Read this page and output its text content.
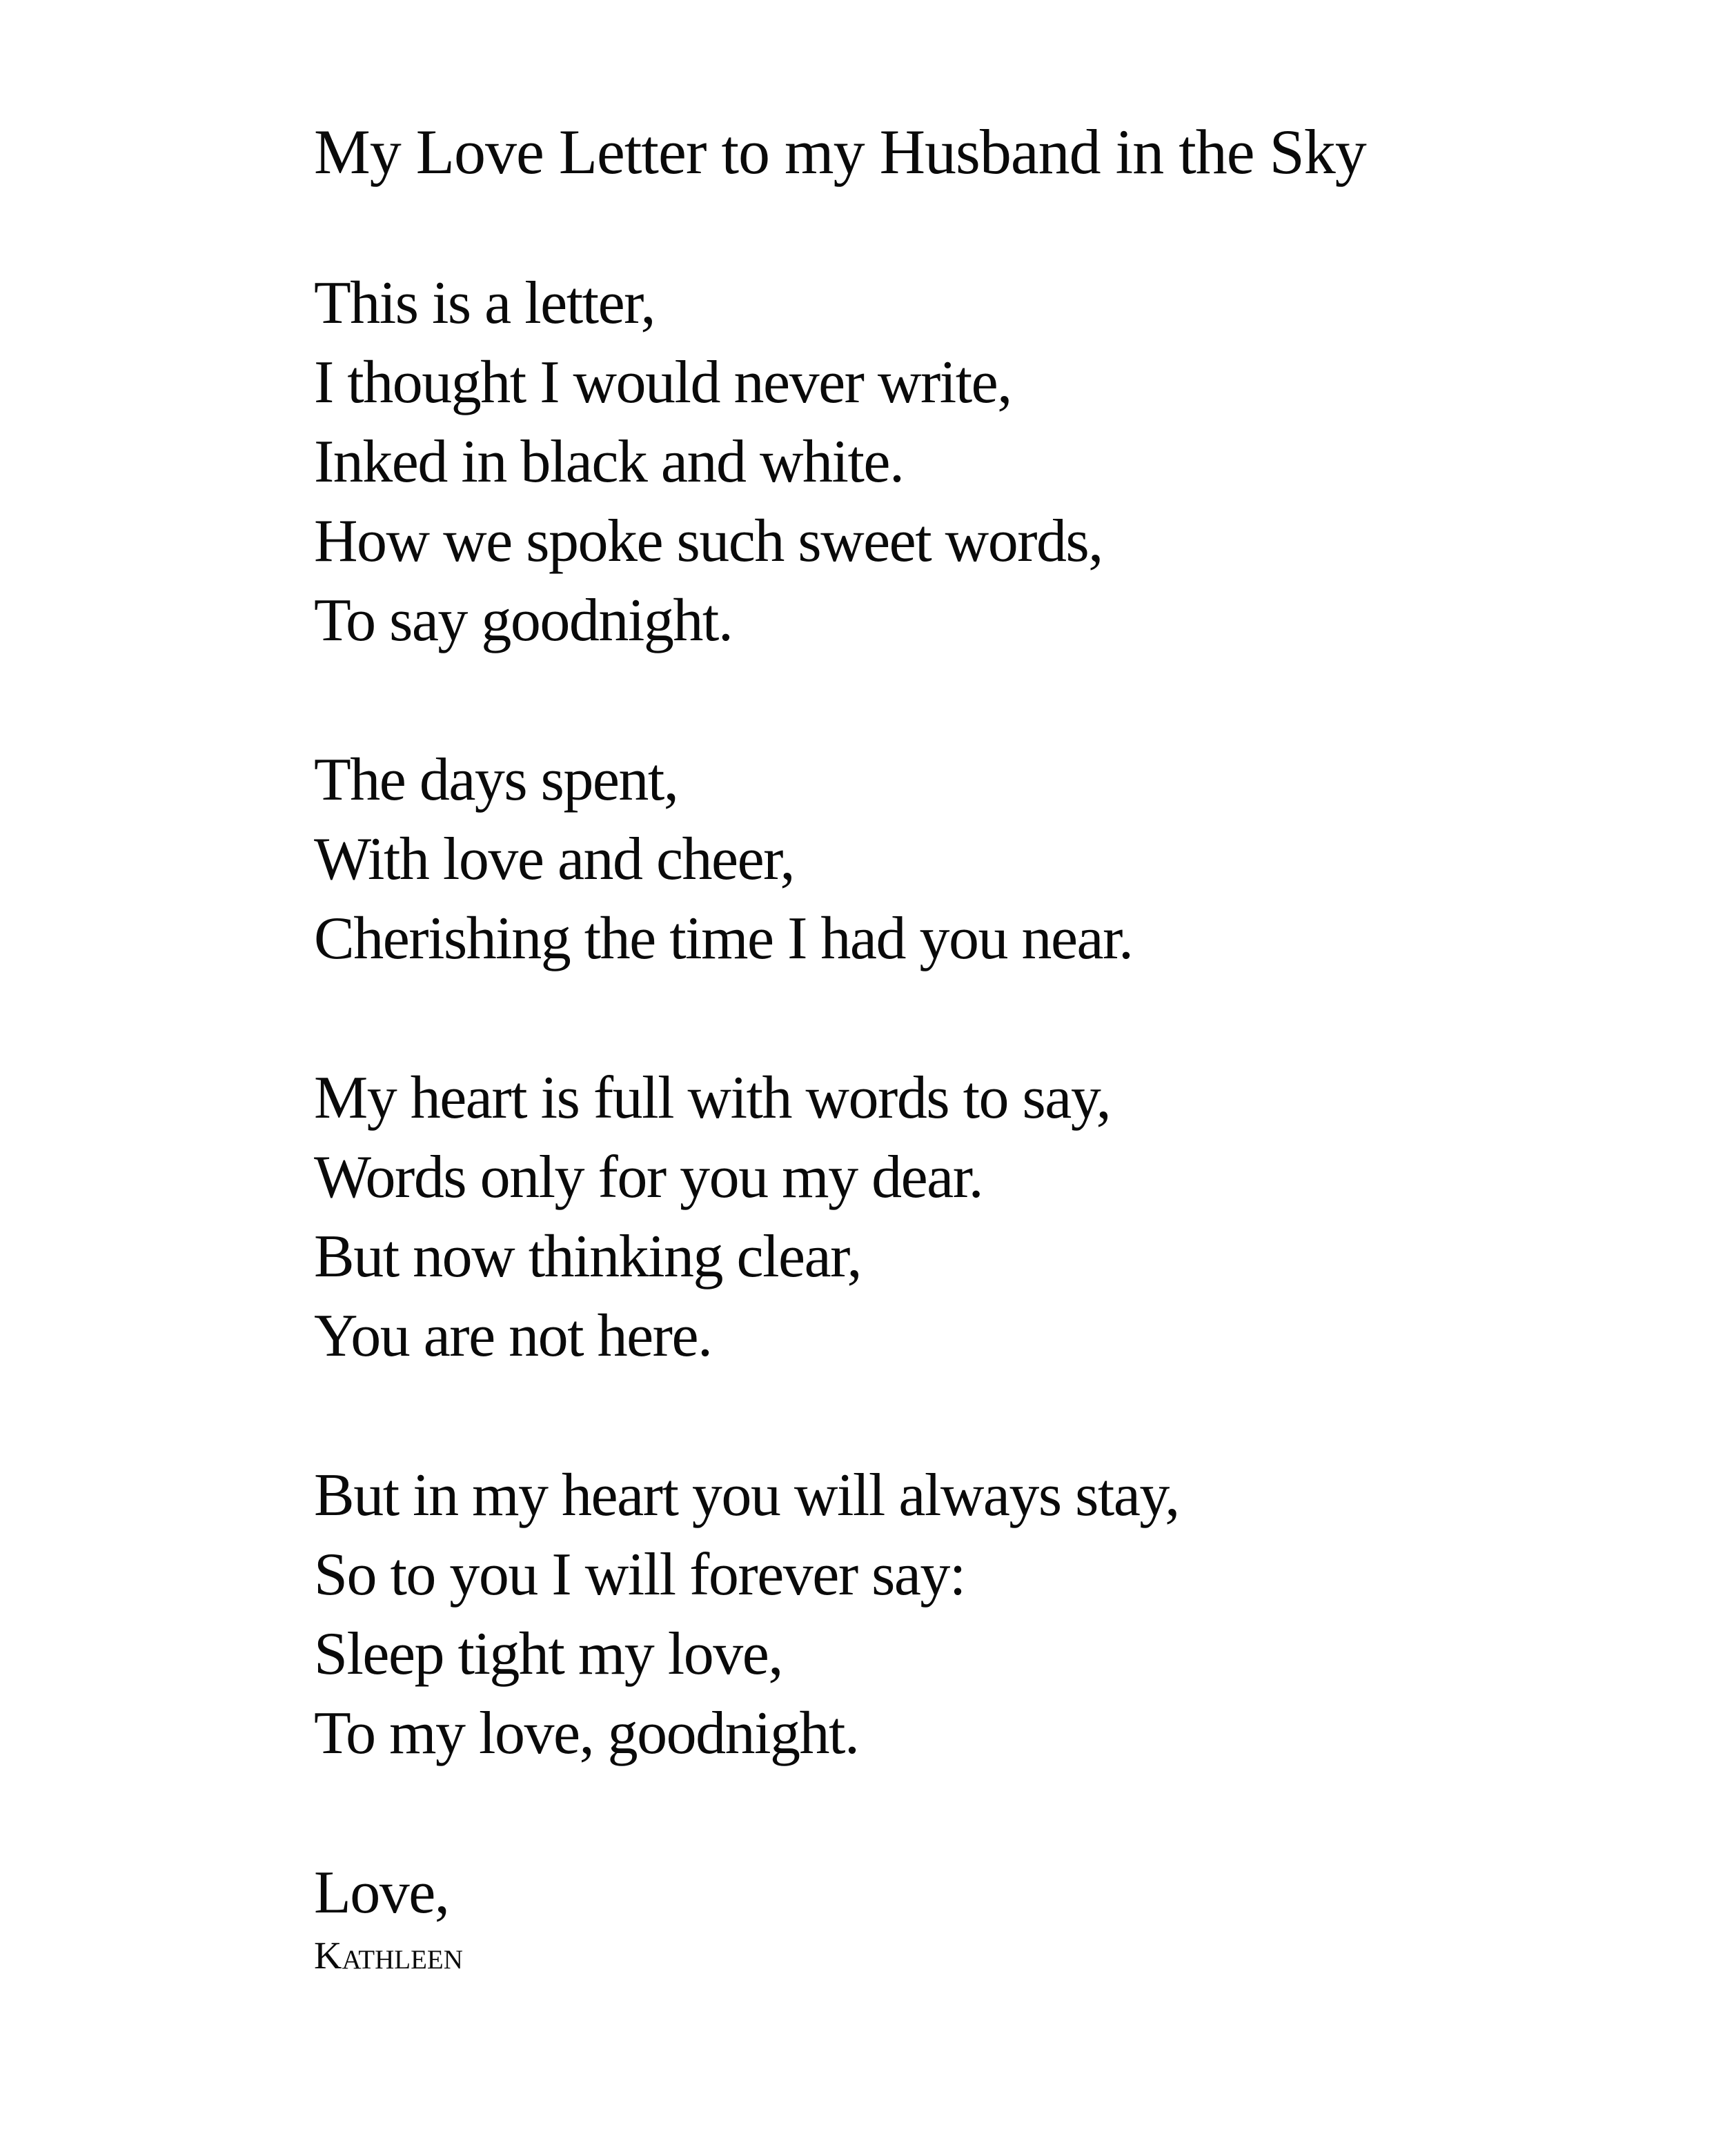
My Love Letter to my Husband in the Sky
This is a letter,
I thought I would never write,
Inked in black and white.
How we spoke such sweet words,
To say goodnight.
The days spent,
With love and cheer,
Cherishing the time I had you near.
My heart is full with words to say,
Words only for you my dear.
But now thinking clear,
You are not here.
But in my heart you will always stay,
So to you I will forever say:
Sleep tight my love,
To my love, goodnight.
Love,
Kathleen
